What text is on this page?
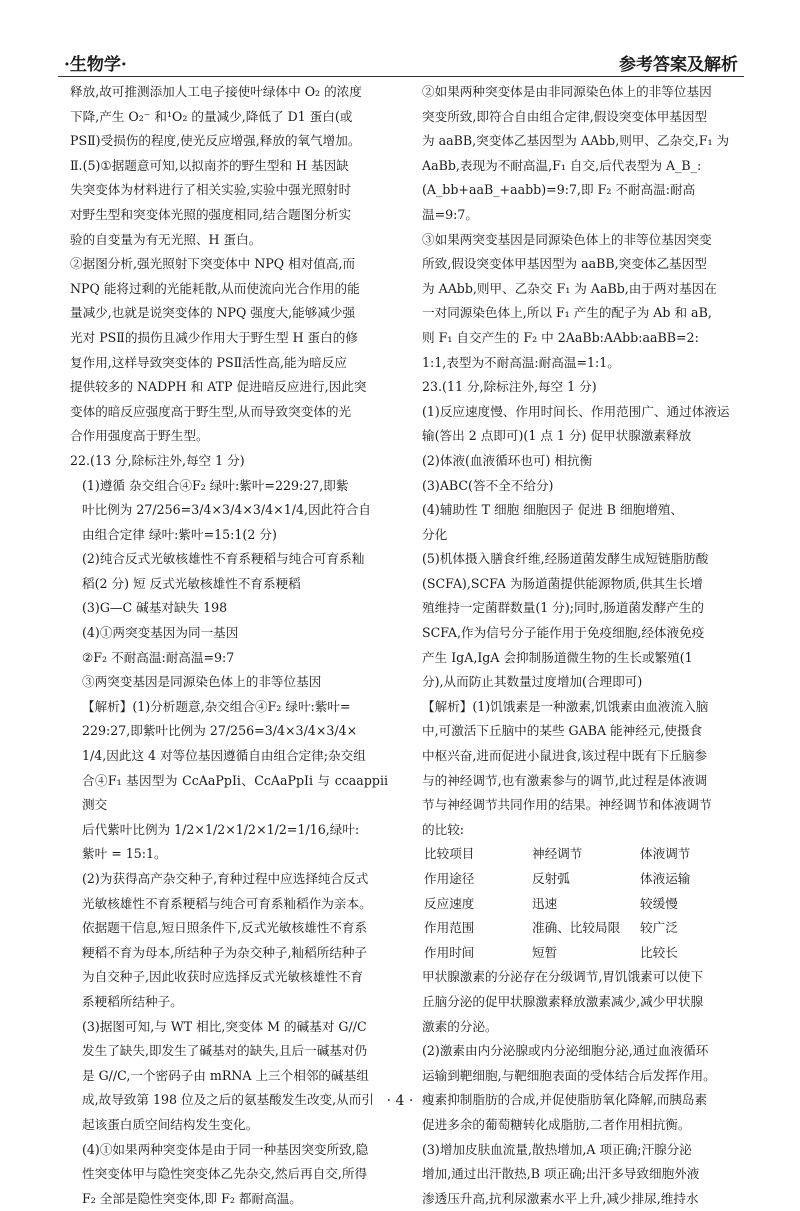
·生物学·	参考答案及解析

释放,故可推测添加人工电子接使叶绿体中 O₂ 的浓度

下降,产生 O₂⁻ 和¹O₂ 的量减少,降低了 D1 蛋白(或

PSⅡ)受损伤的程度,使光反应增强,释放的氧气增加。

Ⅱ.(5)①据题意可知,以拟南芥的野生型和 H 基因缺

失突变体为材料进行了相关实验,实验中强光照射时

对野生型和突变体光照的强度相同,结合题图分析实

验的自变量为有无光照、H 蛋白。

②据图分析,强光照射下突变体中 NPQ 相对值高,而

NPQ 能将过剩的光能耗散,从而使流向光合作用的能

量减少,也就是说突变体的 NPQ 强度大,能够减少强

光对 PSⅡ的损伤且减少作用大于野生型 H 蛋白的修

复作用,这样导致突变体的 PSⅡ活性高,能为暗反应

提供较多的 NADPH 和 ATP 促进暗反应进行,因此突

变体的暗反应强度高于野生型,从而导致突变体的光

合作用强度高于野生型。

22.(13 分,除标注外,每空 1 分)

(1)遵循 杂交组合④F₂ 绿叶:紫叶=229:27,即紫

叶比例为 27/256=3/4×3/4×3/4×1/4,因此符合自

由组合定律 绿叶:紫叶=15:1(2 分)

(2)纯合反式光敏核雄性不育系粳稻与纯合可育系籼

稻(2 分) 短 反式光敏核雄性不育系粳稻

(3)G—C 碱基对缺失 198

(4)①两突变基因为同一基因

②F₂ 不耐高温:耐高温=9:7

③两突变基因是同源染色体上的非等位基因

【解析】(1)分析题意,杂交组合④F₂ 绿叶:紫叶=

229:27,即紫叶比例为 27/256=3/4×3/4×3/4×

1/4,因此这 4 对等位基因遵循自由组合定律;杂交组

合④F₁ 基因型为 CcAaPpIi、CcAaPpIi 与 ccaappii 测交

后代紫叶比例为 1/2×1/2×1/2×1/2=1/16,绿叶:

紫叶 = 15:1。

(2)为获得高产杂交种子,育种过程中应选择纯合反式

光敏核雄性不育系粳稻与纯合可育系籼稻作为亲本。

依据题干信息,短日照条件下,反式光敏核雄性不育系

粳稻不育为母本,所结种子为杂交种子,籼稻所结种子

为自交种子,因此收获时应选择反式光敏核雄性不育

系粳稻所结种子。

(3)据图可知,与 WT 相比,突变体 M 的碱基对 G//C

发生了缺失,即发生了碱基对的缺失,且后一碱基对仍

是 G//C,一个密码子由 mRNA 上三个相邻的碱基组

成,故导致第 198 位及之后的氨基酸发生改变,从而引

起该蛋白质空间结构发生变化。

(4)①如果两种突变体是由于同一种基因突变所致,隐

性突变体甲与隐性突变体乙先杂交,然后再自交,所得

F₂ 全部是隐性突变体,即 F₂ 都耐高温。

②如果两种突变体是由非同源染色体上的非等位基因

突变所致,即符合自由组合定律,假设突变体甲基因型

为 aaBB,突变体乙基因型为 AAbb,则甲、乙杂交,F₁ 为

AaBb,表现为不耐高温,F₁ 自交,后代表型为 A_B_:

(A_bb+aaB_+aabb)=9:7,即 F₂ 不耐高温:耐高

温=9:7。

③如果两突变基因是同源染色体上的非等位基因突变

所致,假设突变体甲基因型为 aaBB,突变体乙基因型

为 AAbb,则甲、乙杂交 F₁ 为 AaBb,由于两对基因在

一对同源染色体上,所以 F₁ 产生的配子为 Ab 和 aB,

则 F₁ 自交产生的 F₂ 中 2AaBb:AAbb:aaBB=2:

1:1,表型为不耐高温:耐高温=1:1。

23.(11 分,除标注外,每空 1 分)

(1)反应速度慢、作用时间长、作用范围广、通过体液运

输(答出 2 点即可)(1 点 1 分) 促甲状腺激素释放

(2)体液(血液循环也可) 相抗衡

(3)ABC(答不全不给分)

(4)辅助性 T 细胞 细胞因子 促进 B 细胞增殖、

分化

(5)机体摄入膳食纤维,经肠道菌发酵生成短链脂肪酸

(SCFA),SCFA 为肠道菌提供能源物质,供其生长增

殖维持一定菌群数量(1 分);同时,肠道菌发酵产生的

SCFA,作为信号分子能作用于免疫细胞,经体液免疫

产生 IgA,IgA 会抑制肠道微生物的生长或繁殖(1

分),从而防止其数量过度增加(合理即可)

【解析】(1)饥饿素是一种激素,饥饿素由血液流入脑

中,可激活下丘脑中的某些 GABA 能神经元,使摄食

中枢兴奋,进而促进小鼠进食,该过程中既有下丘脑参

与的神经调节,也有激素参与的调节,此过程是体液调

节与神经调节共同作用的结果。神经调节和体液调节

的比较:

比较项目	神经调节	体液调节
作用途径	反射弧	体液运输
反应速度	迅速	较缓慢
作用范围	准确、比较局限	较广泛
作用时间	短暂	比较长

甲状腺激素的分泌存在分级调节,胃饥饿素可以使下

丘脑分泌的促甲状腺激素释放激素减少,减少甲状腺

激素的分泌。

(2)激素由内分泌腺或内分泌细胞分泌,通过血液循环

运输到靶细胞,与靶细胞表面的受体结合后发挥作用。

瘦素抑制脂肪的合成,并促使脂肪氧化降解,而胰岛素

促进多余的葡萄糖转化成脂肪,二者作用相抗衡。

(3)增加皮肤血流量,散热增加,A 项正确;汗腺分泌

增加,通过出汗散热,B 项正确;出汗多导致细胞外液

渗透压升高,抗利尿激素水平上升,减少排尿,维持水

· 4 ·
